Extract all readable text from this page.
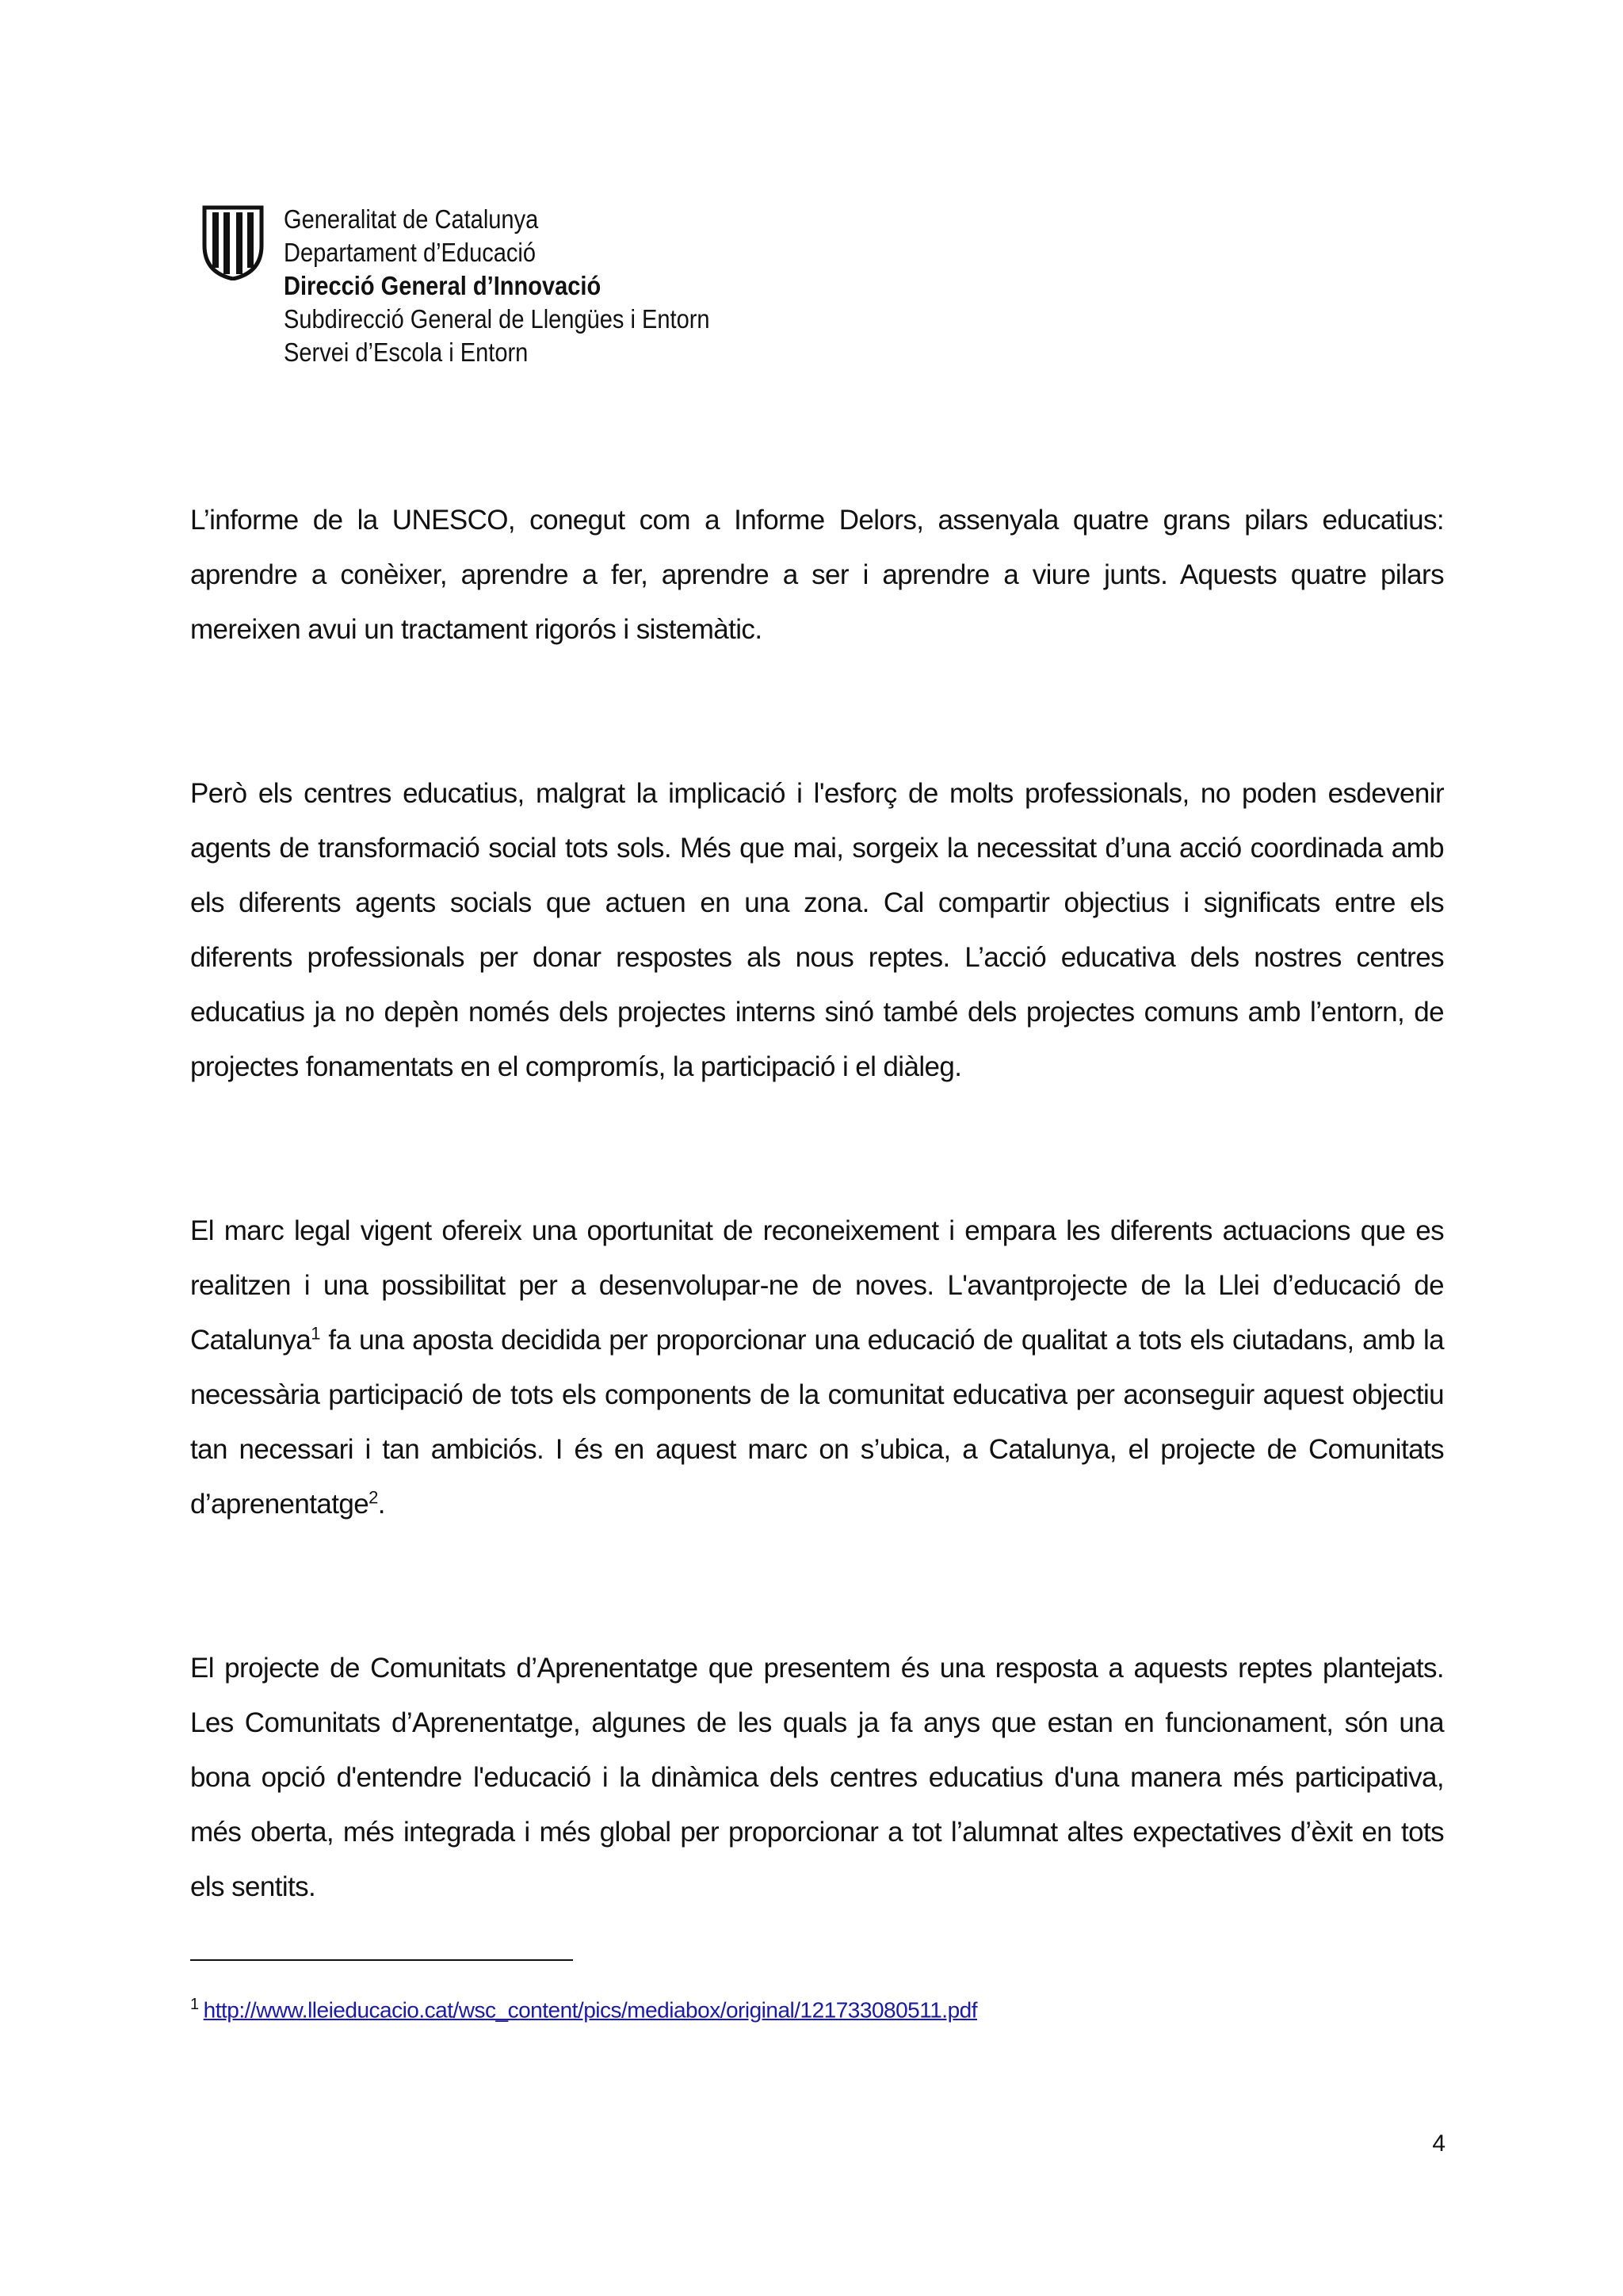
Generalitat de Catalunya
Departament d’Educació
Direcció General d’Innovació
Subdirecció General de Llengües i Entorn
Servei d’Escola i Entorn

L’informe de la UNESCO, conegut com a Informe Delors, assenyala quatre grans pilars educatius: aprendre a conèixer, aprendre a fer, aprendre a ser i aprendre a viure junts. Aquests quatre pilars mereixen avui un tractament rigorós i sistemàtic.

Però els centres educatius, malgrat la implicació i l'esforç de molts professionals, no poden esdevenir agents de transformació social tots sols. Més que mai, sorgeix la necessitat d’una acció coordinada amb els diferents agents socials que actuen en una zona. Cal compartir objectius i significats entre els diferents professionals per donar respostes als nous reptes. L’acció educativa dels nostres centres educatius ja no depèn només dels projectes interns sinó també dels projectes comuns amb l’entorn, de projectes fonamentats en el compromís, la participació i el diàleg.

El marc legal vigent ofereix una oportunitat de reconeixement i empara les diferents actuacions que es realitzen i una possibilitat per a desenvolupar-ne de noves. L'avantprojecte de la Llei d’educació de Catalunya$^1$ fa una aposta decidida per proporcionar una educació de qualitat a tots els ciutadans, amb la necessària participació de tots els components de la comunitat educativa per aconseguir aquest objectiu tan necessari i tan ambiciós. I és en aquest marc on s’ubica, a Catalunya, el projecte de Comunitats d’aprenentatge$^2$.

El projecte de Comunitats d’Aprenentatge que presentem és una resposta a aquests reptes plantejats. Les Comunitats d’Aprenentatge, algunes de les quals ja fa anys que estan en funcionament, són una bona opció d'entendre l'educació i la dinàmica dels centres educatius d'una manera més participativa, més oberta, més integrada i més global per proporcionar a tot l’alumnat altes expectatives d’èxit en tots els sentits.

$^1$ http://www.lleieducacio.cat/wsc_content/pics/mediabox/original/121733080511.pdf
4
